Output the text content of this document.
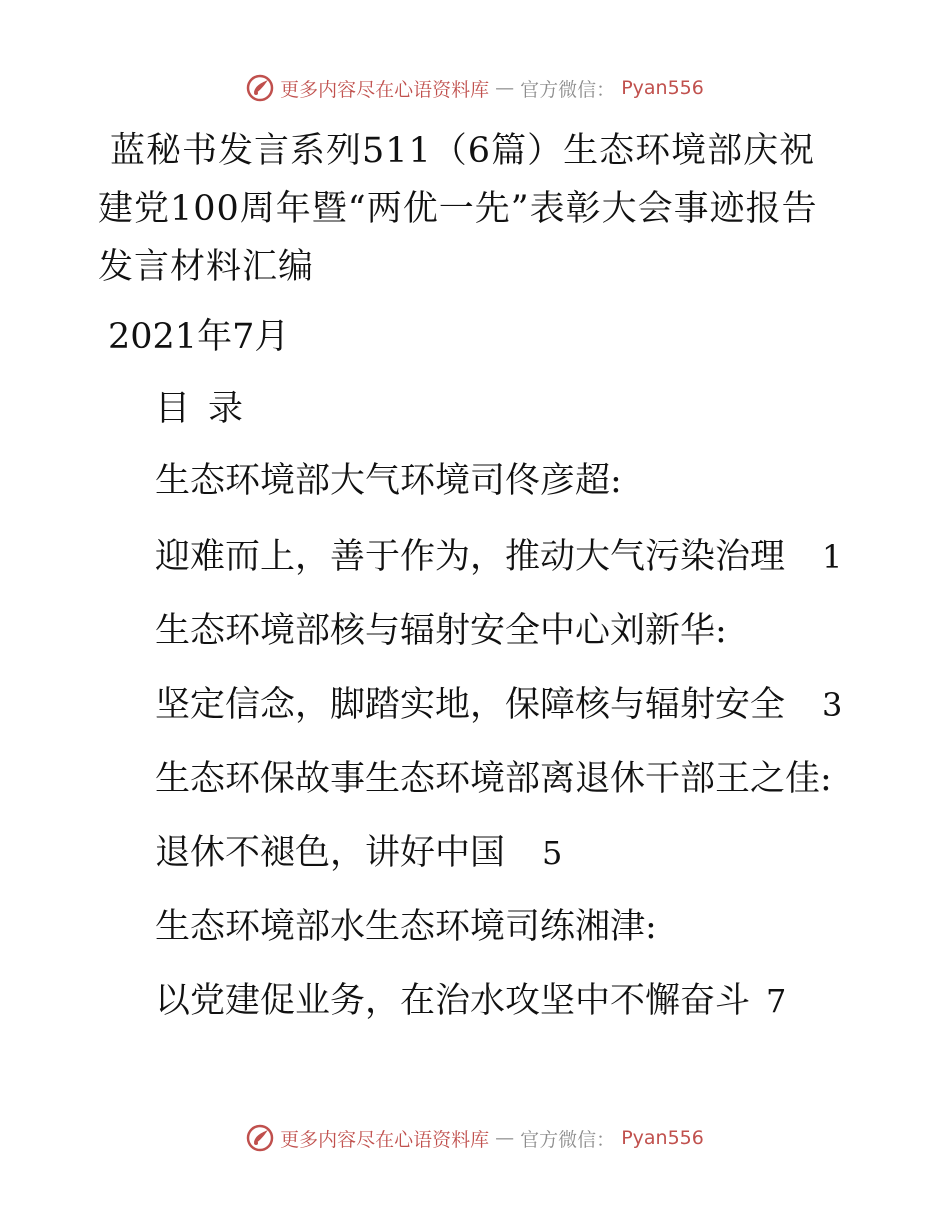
更多内容尽在心语资料库 — 官方微信： Pyan556
蓝秘书发言系列511（6篇）生态环境部庆祝建党100周年暨“两优一先”表彰大会事迹报告发言材料汇编
2021年7月
目录
生态环境部大气环境司佟彦超:
迎难而上，善于作为，推动大气污染治理	1
生态环境部核与辐射安全中心刘新华:
坚定信念，脚踏实地，保障核与辐射安全	3
生态环保故事生态环境部离退休干部王之佳:
退休不褪色，讲好中国	5
生态环境部水生态环境司练湘津:
以党建促业务，在治水攻坚中不懈奋斗 7
更多内容尽在心语资料库 — 官方微信： Pyan556
